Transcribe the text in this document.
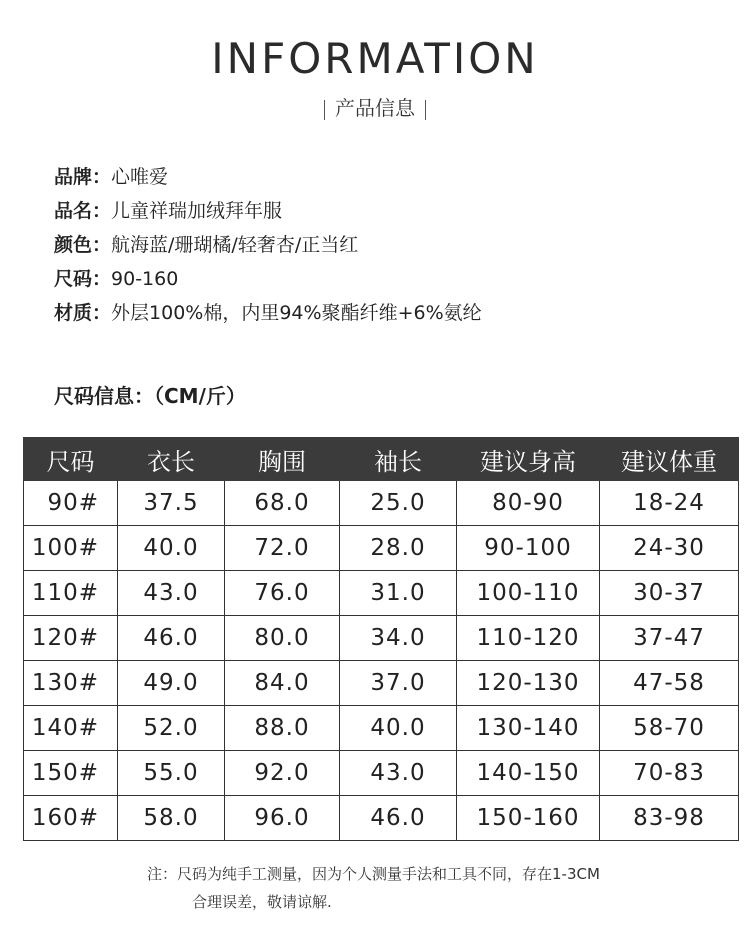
INFORMATION
产品信息
品牌：心唯爱
品名：儿童祥瑞加绒拜年服
颜色：航海蓝/珊瑚橘/轻奢杏/正当红
尺码：90-160
材质：外层100%棉，内里94%聚酯纤维+6%氨纶
尺码信息：（CM/斤）
尺码	衣长	胸围	袖长	建议身高	建议体重
90#	37.5	68.0	25.0	80-90	18-24
100#	40.0	72.0	28.0	90-100	24-30
110#	43.0	76.0	31.0	100-110	30-37
120#	46.0	80.0	34.0	110-120	37-47
130#	49.0	84.0	37.0	120-130	47-58
140#	52.0	88.0	40.0	130-140	58-70
150#	55.0	92.0	43.0	140-150	70-83
160#	58.0	96.0	46.0	150-160	83-98
注：尺码为纯手工测量，因为个人测量手法和工具不同，存在1-3CM
合理误差，敬请谅解.
